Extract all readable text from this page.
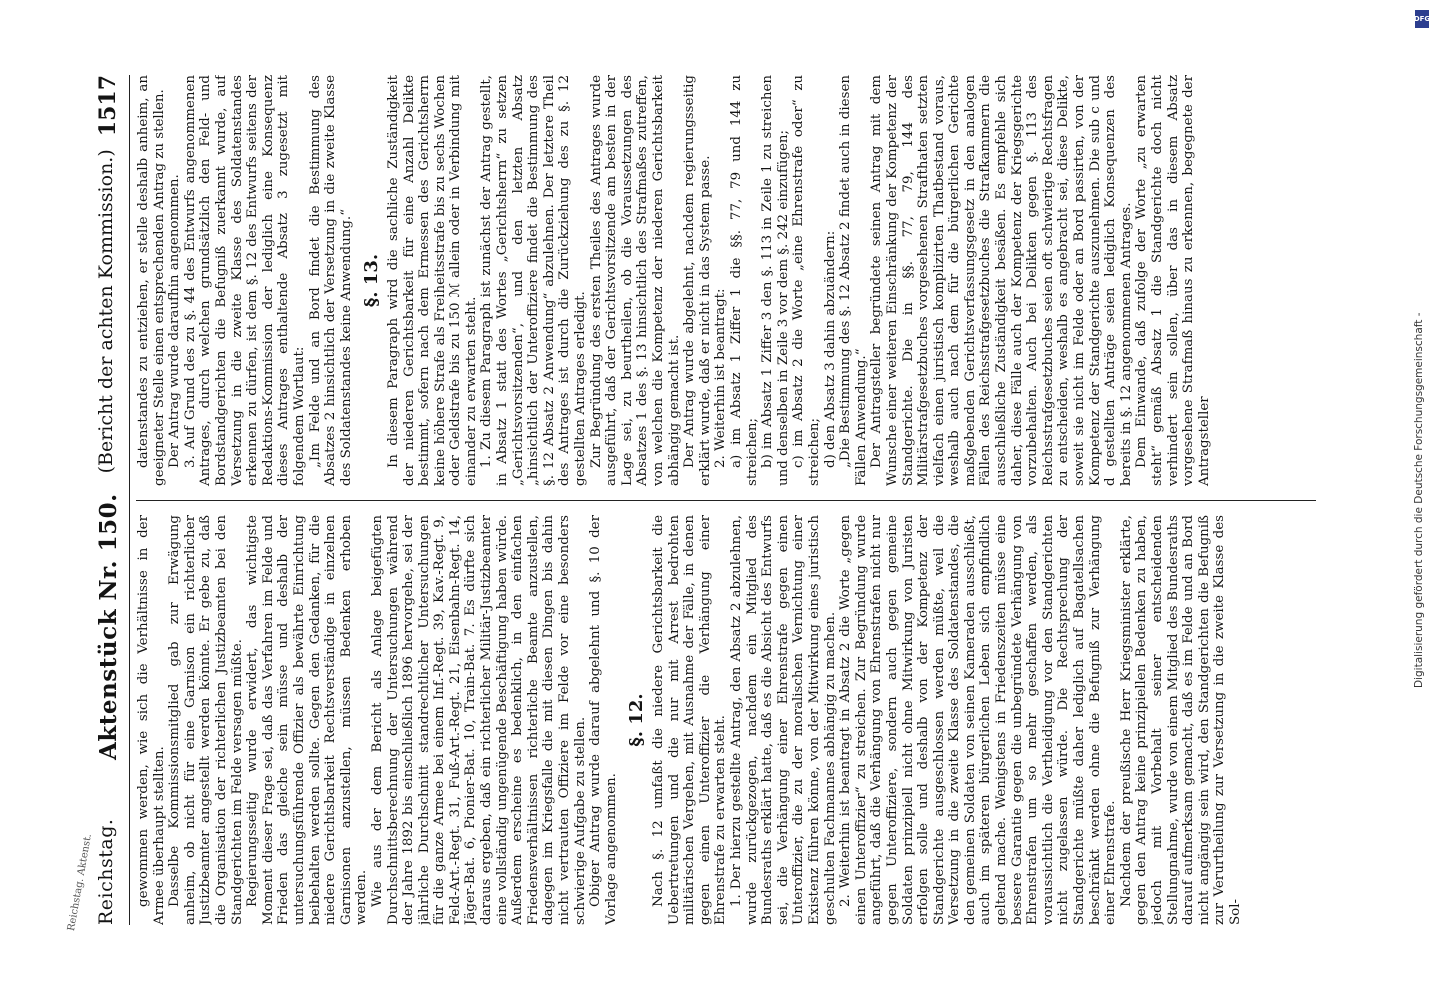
Reichstag.
Aktenstück Nr. 150.
(Bericht der achten Kommission.)
1517

gewommen werden, wie sich die Verhältnisse in der Armee überhaupt stellten. Dasselbe Kommissionsmitglied gab zur Erwägung anheim, ob nicht für eine Garnison ein richterlicher Justizbeamter angestellt werden könnte. Er gebe zu, daß die Organisation der richterlichen Justizbeamten bei den Standgerichten im Felde versagen müßte. Regierungsseitig wurde erwidert, das wichtigste Moment dieser Frage sei, daß das Verfahren im Felde und Frieden das gleiche sein müsse und deshalb der untersuchungsführende Offizier als bewährte Einrichtung beibehalten werden sollte. Gegen den Gedanken, für die niedere Gerichtsbarkeit Rechtsverständige in einzelnen Garnisonen anzustellen, müssen Bedenken erhoben werden. Wie aus der dem Bericht als Anlage beigefügten Durchschnittsberechnung der Untersuchungen während der Jahre 1892 bis einschließlich 1896 hervorgehe, sei der jährliche Durchschnitt standrechtlicher Untersuchungen für die ganze Armee bei einem Inf.-Regt. 39, Kav.-Regt. 9, Feld-Art.-Regt. 31, Fuß-Art.-Regt. 21, Eisenbahn-Regt. 14, Jäger-Bat. 6, Pionier-Bat. 10, Train-Bat. 7. Es dürfte sich daraus ergeben, daß ein richterlicher Militär-Justizbeamter eine vollständig ungenügende Beschäftigung haben würde. Außerdem erscheine es bedenklich, in den einfachen Friedensverhältnissen richterliche Beamte anzustellen, dagegen im Kriegsfalle die mit diesen Dingen bis dahin nicht vertrauten Offiziere im Felde vor eine besonders schwierige Aufgabe zu stellen. Obiger Antrag wurde darauf abgelehnt und §. 10 der Vorlage angenommen.

§. 12. Nach §. 12 umfaßt die niedere Gerichtsbarkeit die Uebertretungen und die nur mit Arrest bedrohten militärischen Vergehen, mit Ausnahme der Fälle, in denen gegen einen Unteroffizier die Verhängung einer Ehrenstrafe zu erwarten steht. 1. Der hierzu gestellte Antrag, den Absatz 2 abzulehnen, wurde zurückgezogen, nachdem ein Mitglied des Bundesraths erklärt hatte, daß es die Absicht des Entwurfs sei, die Verhängung einer Ehrenstrafe gegen einen Unteroffizier, die zu der moralischen Vernichtung einer Existenz führen könne, von der Mitwirkung eines juristisch geschulten Fachmannes abhängig zu machen. 2. Weiterhin ist beantragt in Absatz 2 die Worte „gegen einen Unteroffizier“ zu streichen. Zur Begründung wurde angeführt, daß die Verhängung von Ehrenstrafen nicht nur gegen Unteroffiziere, sondern auch gegen gemeine Soldaten prinzipiell nicht ohne Mitwirkung von Juristen erfolgen solle und deshalb von der Kompetenz der Standgerichte ausgeschlossen werden müßte, weil die Versetzung in die zweite Klasse des Soldatenstandes, die den gemeinen Soldaten von seinen Kameraden ausschließt, auch im späteren bürgerlichen Leben sich empfindlich geltend mache. Wenigstens in Friedenszeiten müsse eine bessere Garantie gegen die unbegründete Verhängung von Ehrenstrafen um so mehr geschaffen werden, als voraussichtlich die Vertheidigung vor den Standgerichten nicht zugelassen würde. Die Rechtsprechung der Standgerichte müßte daher lediglich auf Bagatellsachen beschränkt werden ohne die Befugniß zur Verhängung einer Ehrenstrafe. Nachdem der preußische Herr Kriegsminister erklärte, gegen den Antrag keine prinzipiellen Bedenken zu haben, jedoch mit Vorbehalt seiner entscheidenden Stellungnahme, wurde von einem Mitglied des Bundesraths darauf aufmerksam gemacht, daß es im Felde und an Bord nicht angängig sein wird, den Standgerichten die Befugniß zur Verurtheilung zur Versetzung in die zweite Klasse des Sol-

datenstandes zu entziehen, er stelle deshalb anheim, an geeigneter Stelle einen entsprechenden Antrag zu stellen. Der Antrag wurde daraufhin angenommen. 3. Auf Grund des zu §. 44 des Entwurfs angenommenen Antrages, durch welchen grundsätzlich den Feld- und Bordstandgerichten die Befugniß zuerkannt wurde, auf Versetzung in die zweite Klasse des Soldatenstandes erkennen zu dürfen, ist dem §. 12 des Entwurfs seitens der Redaktions-Kommission der lediglich eine Konsequenz dieses Antrages enthaltende Absatz 3 zugesetzt mit folgendem Wortlaut: „Im Felde und an Bord findet die Bestimmung des Absatzes 2 hinsichtlich der Versetzung in die zweite Klasse des Soldatenstandes keine Anwendung.“ §. 13. In diesem Paragraph wird die sachliche Zuständigkeit der niederen Gerichtsbarkeit für eine Anzahl Delikte bestimmt, sofern nach dem Ermessen des Gerichtsherrn keine höhere Strafe als Freiheitsstrafe bis zu sechs Wochen oder Geldstrafe bis zu 150 ℳ allein oder in Verbindung mit einander zu erwarten steht. 1. Zu diesem Paragraph ist zunächst der Antrag gestellt, in Absatz 1 statt des Wortes „Gerichtsherrn“ zu setzen „Gerichtsvorsitzenden“, und den letzten Absatz „hinsichtlich der Unteroffiziere findet die Bestimmung des §. 12 Absatz 2 Anwendung“ abzulehnen. Der letztere Theil des Antrages ist durch die Zurückziehung des zu §. 12 gestellten Antrages erledigt. Zur Begründung des ersten Theiles des Antrages wurde ausgeführt, daß der Gerichtsvorsitzende am besten in der Lage sei, zu beurtheilen, ob die Voraussetzungen des Absatzes 1 des §. 13 hinsichtlich des Strafmaßes zutreffen, von welchen die Kompetenz der niederen Gerichtsbarkeit abhängig gemacht ist. Der Antrag wurde abgelehnt, nachdem regierungsseitig erklärt wurde, daß er nicht in das System passe. 2. Weiterhin ist beantragt: a) im Absatz 1 Ziffer 1 die §§. 77, 79 und 144 zu streichen; b) im Absatz 1 Ziffer 3 den §. 113 in Zeile 1 zu streichen und denselben in Zeile 3 vor dem §. 242 einzufügen; c) im Absatz 2 die Worte „eine Ehrenstrafe oder“ zu streichen; d) den Absatz 3 dahin abzuändern: „Die Bestimmung des §. 12 Absatz 2 findet auch in diesen Fällen Anwendung.“ Der Antragsteller begründete seinen Antrag mit dem Wunsche einer weiteren Einschränkung der Kompetenz der Standgerichte. Die in §§. 77, 79, 144 des Militärstrafgesetzbuches vorgesehenen Strafthaten setzten vielfach einen juristisch komplizirten Thatbestand voraus, weshalb auch nach dem für die bürgerlichen Gerichte maßgebenden Gerichtsverfassungsgesetz in den analogen Fällen des Reichsstrafgesetzbuches die Strafkammern die ausschließliche Zuständigkeit besäßen. Es empfehle sich daher, diese Fälle auch der Kompetenz der Kriegsgerichte vorzubehalten. Auch bei Delikten gegen §. 113 des Reichsstrafgesetzbuches seien oft schwierige Rechtsfragen zu entscheiden, weshalb es angebracht sei, diese Delikte, soweit sie nicht im Felde oder an Bord passirten, von der Kompetenz der Standgerichte auszunehmen. Die sub c und d gestellten Anträge seien lediglich Konsequenzen des bereits in §. 12 angenommenen Antrages. Dem Einwande, daß zufolge der Worte „zu erwarten steht“ gemäß Absatz 1 die Standgerichte doch nicht verhindert sein sollen, über das in diesem Absatz vorgesehene Strafmaß hinaus zu erkennen, begegnete der Antragsteller

Reichstag. Aktenst.
Digitalisierung gefördert durch die Deutsche Forschungsgemeinschaft -
DFG
